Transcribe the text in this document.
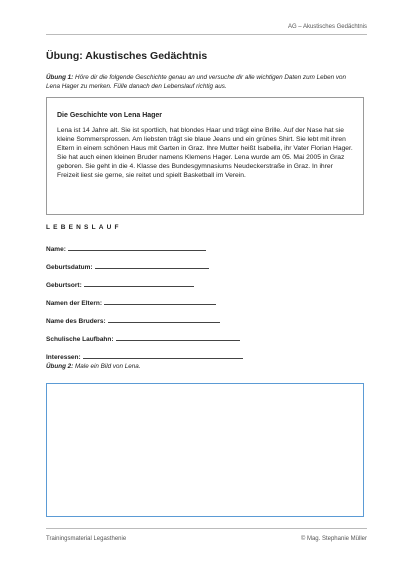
AG – Akustisches Gedächtnis
Übung: Akustisches Gedächtnis
Übung 1: Höre dir die folgende Geschichte genau an und versuche dir alle wichtigen Daten zum Leben von Lena Hager zu merken. Fülle danach den Lebenslauf richtig aus.
Die Geschichte von Lena Hager
Lena ist 14 Jahre alt. Sie ist sportlich, hat blondes Haar und trägt eine Brille. Auf der Nase hat sie kleine Sommersprossen. Am liebsten trägt sie blaue Jeans und ein grünes Shirt. Sie lebt mit ihren Eltern in einem schönen Haus mit Garten in Graz. Ihre Mutter heißt Isabella, ihr Vater Florian Hager. Sie hat auch einen kleinen Bruder namens Klemens Hager. Lena wurde am 05. Mai 2005 in Graz geboren. Sie geht in die 4. Klasse des Bundesgymnasiums Neudeckerstraße in Graz. In ihrer Freizeit liest sie gerne, sie reitet und spielt Basketball im Verein.
LEBENSLAUF
Name:
Geburtsdatum:
Geburtsort:
Namen der Eltern:
Name des Bruders:
Schulische Laufbahn:
Interessen:
Übung 2: Male ein Bild von Lena.
Trainingsmaterial Legasthenie	© Mag. Stephanie Müller
